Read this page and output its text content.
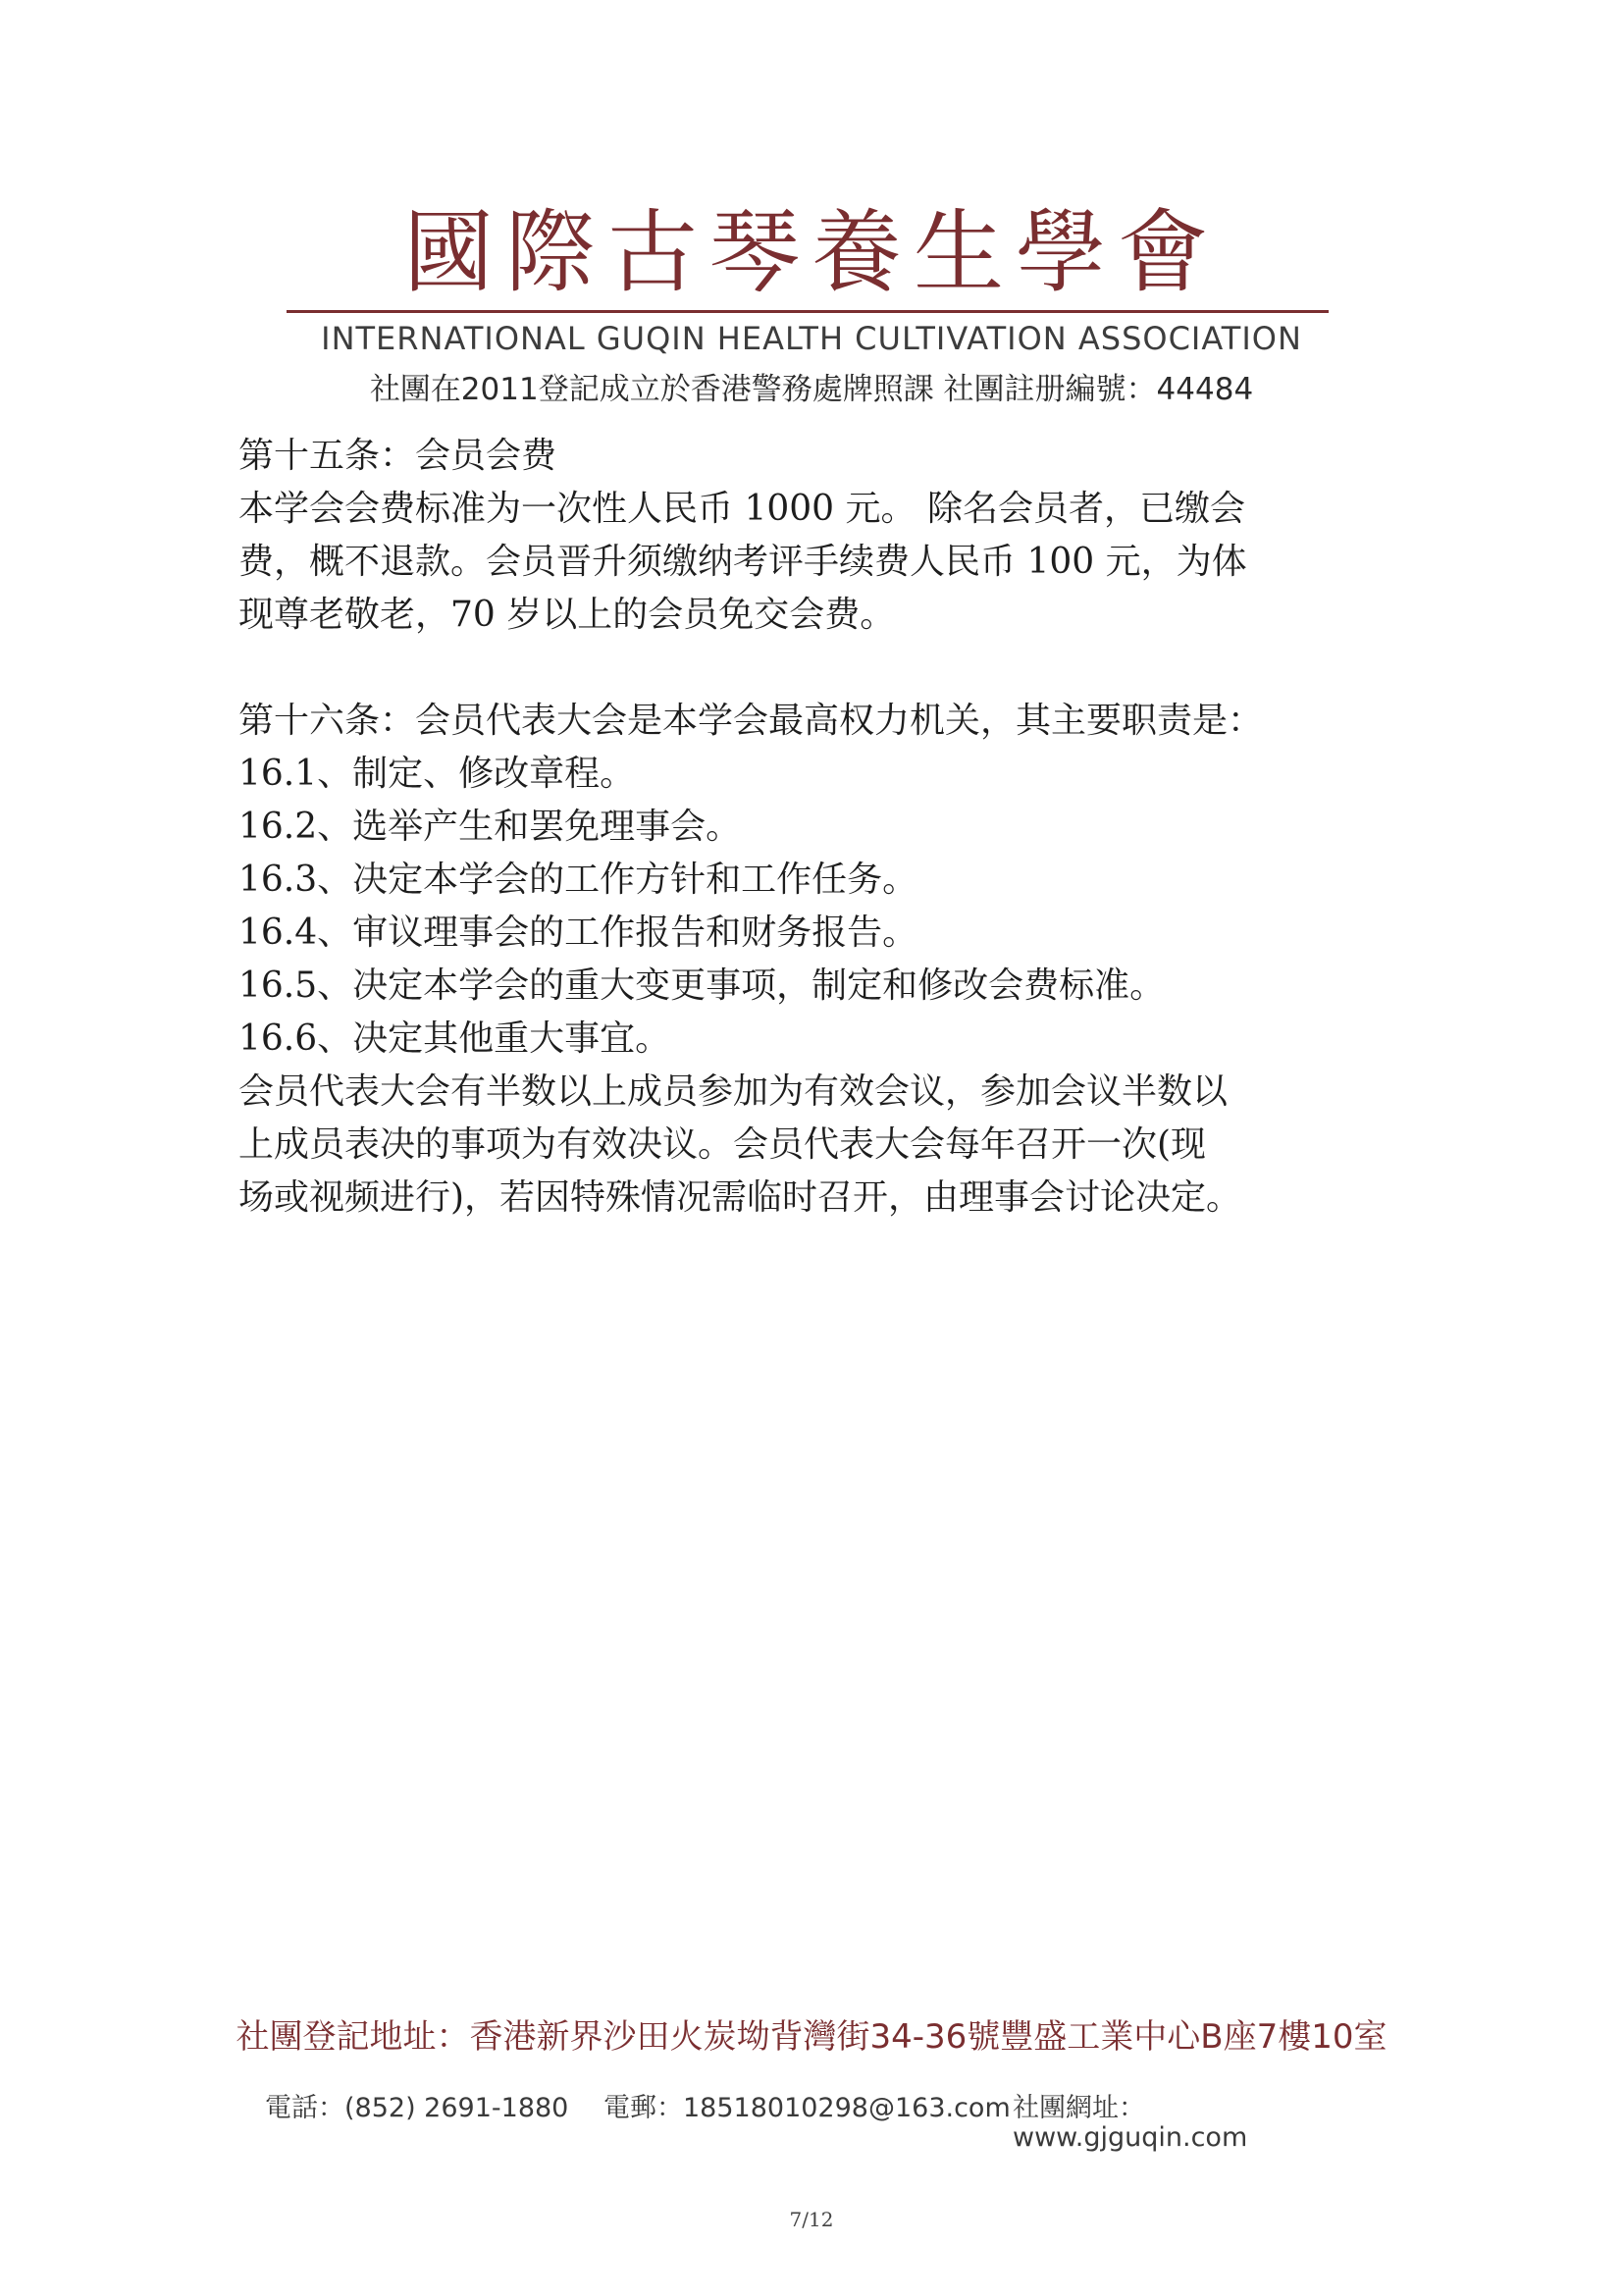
國際古琴養生學會
INTERNATIONAL GUQIN HEALTH CULTIVATION ASSOCIATION
社團在2011登記成立於香港警務處牌照課 社團註册編號：44484

第十五条：会员会费

本学会会费标准为一次性人民币 1000 元。 除名会员者，已缴会

费，概不退款。会员晋升须缴纳考评手续费人民币 100 元，为体

现尊老敬老，70 岁以上的会员免交会费。

第十六条：会员代表大会是本学会最高权力机关，其主要职责是：

16.1、制定、修改章程。

16.2、选举产生和罢免理事会。

16.3、决定本学会的工作方针和工作任务。

16.4、审议理事会的工作报告和财务报告。

16.5、决定本学会的重大变更事项，制定和修改会费标准。

16.6、决定其他重大事宜。

会员代表大会有半数以上成员参加为有效会议，参加会议半数以

上成员表决的事项为有效决议。会员代表大会每年召开一次(现

场或视频进行)，若因特殊情况需临时召开，由理事会讨论决定。

社團登記地址：香港新界沙田火炭坳背灣街34-36號豐盛工業中心B座7樓10室
電話：(852) 2691-1880 電郵：18518010298@163.com 社團網址：www.gjguqin.com
7/12
